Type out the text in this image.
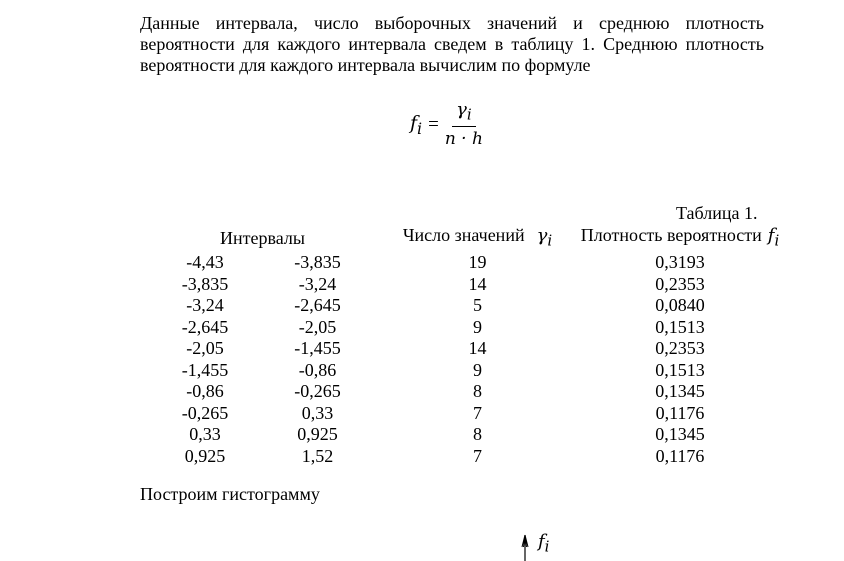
Данные интервала, число выборочных значений и среднюю плотность
вероятности для каждого интервала сведем в таблицу 1. Среднюю плотность
вероятности для каждого интервала вычислим по формуле
$f_i = \frac{\gamma_i}{n \cdot h}$
Таблица 1.
Интервалы		Число значений $\gamma_i$	Плотность вероятности $f_i$
-4,43	-3,835	19	0,3193
-3,835	-3,24	14	0,2353
-3,24	-2,645	5	0,0840
-2,645	-2,05	9	0,1513
-2,05	-1,455	14	0,2353
-1,455	-0,86	9	0,1513
-0,86	-0,265	8	0,1345
-0,265	0,33	7	0,1176
0,33	0,925	8	0,1345
0,925	1,52	7	0,1176
Построим гистограмму
$f_i$
